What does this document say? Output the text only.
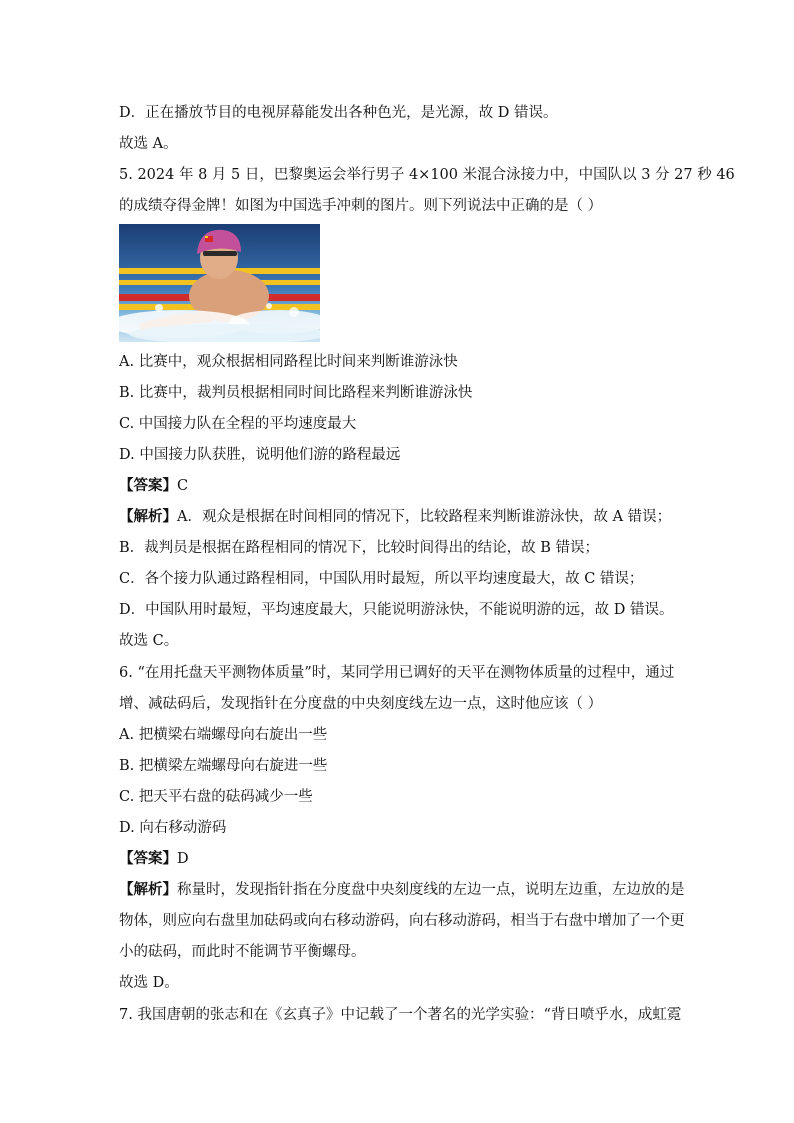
D．正在播放节目的电视屏幕能发出各种色光，是光源，故 D 错误。
故选 A。
5. 2024 年 8 月 5 日，巴黎奥运会举行男子 4×100 米混合泳接力中，中国队以 3 分 27 秒 46
的成绩夺得金牌！如图为中国选手冲刺的图片。则下列说法中正确的是（ ）
A. 比赛中，观众根据相同路程比时间来判断谁游泳快
B. 比赛中，裁判员根据相同时间比路程来判断谁游泳快
C. 中国接力队在全程的平均速度最大
D. 中国接力队获胜，说明他们游的路程最远
【答案】C
【解析】A．观众是根据在时间相同的情况下，比较路程来判断谁游泳快，故 A 错误；
B．裁判员是根据在路程相同的情况下，比较时间得出的结论，故 B 错误；
C．各个接力队通过路程相同，中国队用时最短，所以平均速度最大，故 C 错误；
D．中国队用时最短，平均速度最大，只能说明游泳快，不能说明游的远，故 D 错误。
故选 C。
6. “在用托盘天平测物体质量”时，某同学用已调好的天平在测物体质量的过程中，通过
增、减砝码后，发现指针在分度盘的中央刻度线左边一点，这时他应该（ ）
A. 把横梁右端螺母向右旋出一些
B. 把横梁左端螺母向右旋进一些
C. 把天平右盘的砝码减少一些
D. 向右移动游码
【答案】D
【解析】称量时，发现指针指在分度盘中央刻度线的左边一点，说明左边重，左边放的是
物体，则应向右盘里加砝码或向右移动游码，向右移动游码，相当于右盘中增加了一个更
小的砝码，而此时不能调节平衡螺母。
故选 D。
7. 我国唐朝的张志和在《玄真子》中记载了一个著名的光学实验：“背日喷乎水，成虹霓
